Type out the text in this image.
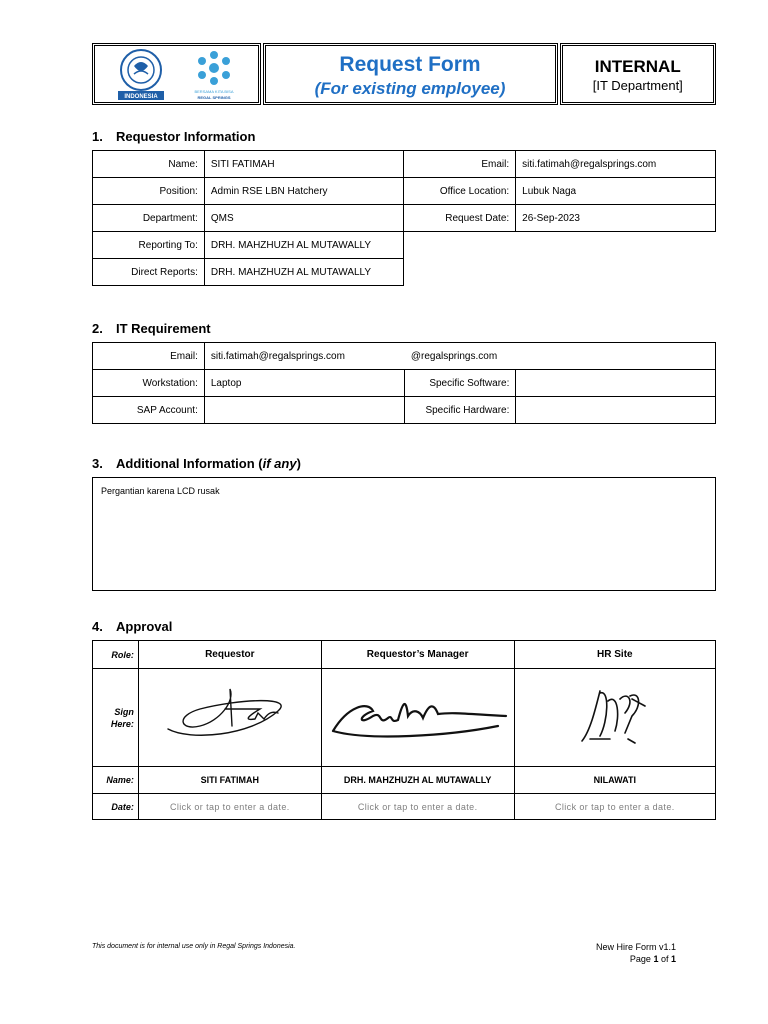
INDONESIA
BERSAMA KITA BISA
REGAL SPRINGS
Request Form
(For existing employee)
INTERNAL
[IT Department]
1. Requestor Information
Name:	SITI FATIMAH	Email:	siti.fatimah@regalsprings.com
Position:	Admin RSE LBN Hatchery	Office Location:	Lubuk Naga
Department:	QMS	Request Date:	26-Sep-2023
Reporting To:	DRH. MAHZHUZH AL MUTAWALLY		
Direct Reports:	DRH. MAHZHUZH AL MUTAWALLY		
2. IT Requirement
Email:	siti.fatimah@regalsprings.com @regalsprings.com		
Workstation:	Laptop	Specific Software:	
SAP Account:		Specific Hardware:	
3. Additional Information (if any)
Pergantian karena LCD rusak
4. Approval
Role:	Requestor	Requestor’s Manager	HR Site
Sign
Here:			
Name:	SITI FATIMAH	DRH. MAHZHUZH AL MUTAWALLY	NILAWATI
Date:	Click or tap to enter a date.	Click or tap to enter a date.	Click or tap to enter a date.
This document is for internal use only in Regal Springs Indonesia.	New Hire Form v1.1
Page 1 of 1
